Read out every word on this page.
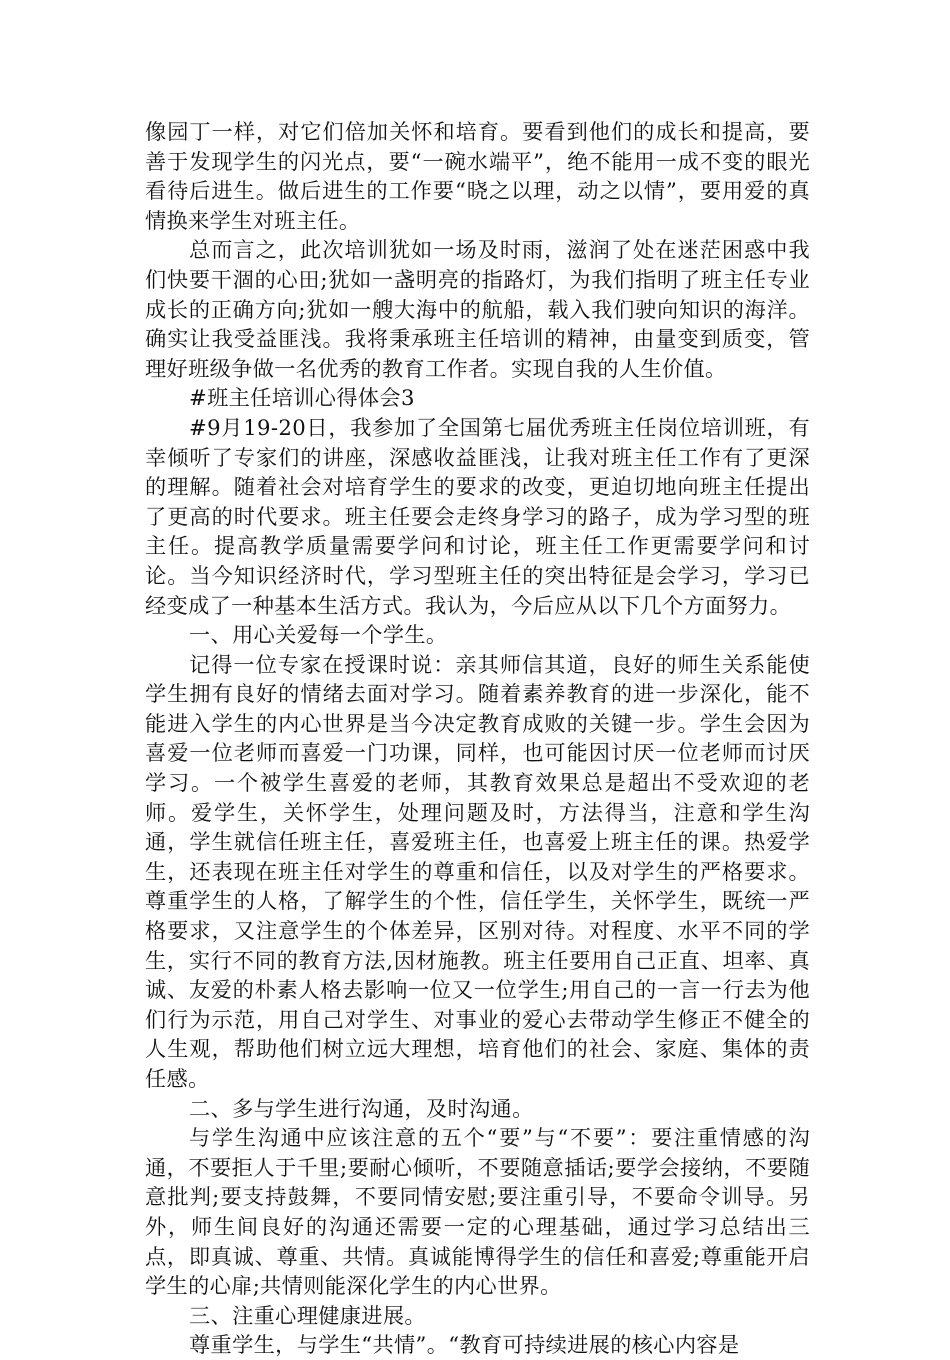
像园丁一样，对它们倍加关怀和培育。要看到他们的成长和提高，要善于发现学生的闪光点，要“一碗水端平”，绝不能用一成不变的眼光看待后进生。做后进生的工作要“晓之以理，动之以情”，要用爱的真情换来学生对班主任。

总而言之，此次培训犹如一场及时雨，滋润了处在迷茫困惑中我们快要干涸的心田;犹如一盏明亮的指路灯，为我们指明了班主任专业成长的正确方向;犹如一艘大海中的航船，载入我们驶向知识的海洋。确实让我受益匪浅。我将秉承班主任培训的精神，由量变到质变，管理好班级争做一名优秀的教育工作者。实现自我的人生价值。

#班主任培训心得体会3

#9月19-20日，我参加了全国第七届优秀班主任岗位培训班，有幸倾听了专家们的讲座，深感收益匪浅，让我对班主任工作有了更深的理解。随着社会对培育学生的要求的改变，更迫切地向班主任提出了更高的时代要求。班主任要会走终身学习的路子，成为学习型的班主任。提高教学质量需要学问和讨论，班主任工作更需要学问和讨论。当今知识经济时代，学习型班主任的突出特征是会学习，学习已经变成了一种基本生活方式。我认为，今后应从以下几个方面努力。

一、用心关爱每一个学生。

记得一位专家在授课时说：亲其师信其道，良好的师生关系能使学生拥有良好的情绪去面对学习。随着素养教育的进一步深化，能不能进入学生的内心世界是当今决定教育成败的关键一步。学生会因为喜爱一位老师而喜爱一门功课，同样，也可能因讨厌一位老师而讨厌学习。一个被学生喜爱的老师，其教育效果总是超出不受欢迎的老师。爱学生，关怀学生，处理问题及时，方法得当，注意和学生沟通，学生就信任班主任，喜爱班主任，也喜爱上班主任的课。热爱学生，还表现在班主任对学生的尊重和信任，以及对学生的严格要求。尊重学生的人格，了解学生的个性，信任学生，关怀学生，既统一严格要求，又注意学生的个体差异，区别对待。对程度、水平不同的学生，实行不同的教育方法,因材施教。班主任要用自己正直、坦率、真诚、友爱的朴素人格去影响一位又一位学生;用自己的一言一行去为他们行为示范，用自己对学生、对事业的爱心去带动学生修正不健全的人生观，帮助他们树立远大理想，培育他们的社会、家庭、集体的责任感。

二、多与学生进行沟通，及时沟通。

与学生沟通中应该注意的五个“要”与“不要”：要注重情感的沟通，不要拒人于千里;要耐心倾听，不要随意插话;要学会接纳，不要随意批判;要支持鼓舞，不要同情安慰;要注重引导，不要命令训导。另外，师生间良好的沟通还需要一定的心理基础，通过学习总结出三点，即真诚、尊重、共情。真诚能博得学生的信任和喜爱;尊重能开启学生的心扉;共情则能深化学生的内心世界。

三、注重心理健康进展。

尊重学生，与学生“共情”。“教育可持续进展的核心内容是
